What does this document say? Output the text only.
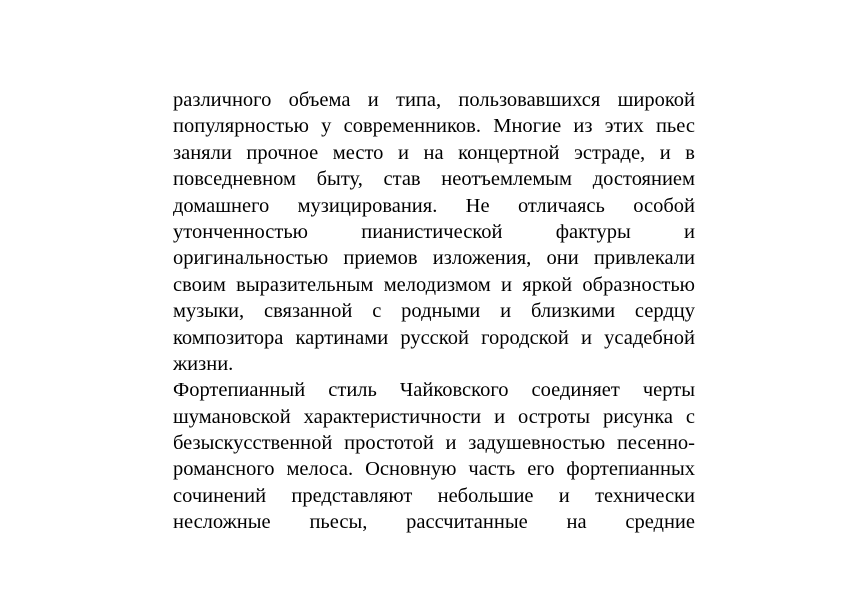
различного объема и типа, пользовавшихся широкой
популярностью у современников. Многие из этих пьес
заняли прочное место и на концертной эстраде, и в
повседневном быту, став неотъемлемым достоянием
домашнего музицирования. Не отличаясь особой
утонченностью пианистической фактуры и
оригинальностью приемов изложения, они привлекали
своим выразительным мелодизмом и яркой образностью
музыки, связанной с родными и близкими сердцу
композитора картинами русской городской и усадебной
жизни.
Фортепианный стиль Чайковского соединяет черты
шумановской характеристичности и остроты рисунка с
безыскусственной простотой и задушевностью песенно-
романсного мелоса. Основную часть его фортепианных
сочинений представляют небольшие и технически
несложные пьесы, рассчитанные на средние
